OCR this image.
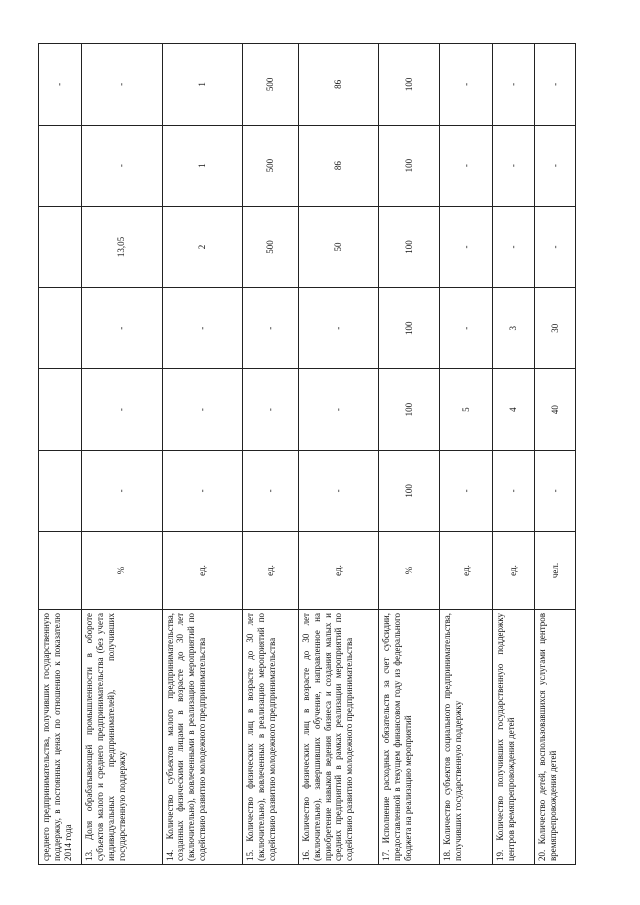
среднего предпринимательства, получивших государственную поддержку, в постоянных ценах по отношению к показателю 2014 года							-
13. Доля обрабатывающей промышленности в обороте субъектов малого и среднего предпринимательства (без учета индивидуальных предпринимателей), получивших государственную поддержку	%	-	-	-	13,05	-	-
14. Количество субъектов малого предпринимательства, созданных физическими лицами в возрасте до 30 лет (включительно), вовлеченными в реализацию мероприятий по содействию развитию молодежного предпринимательства	ед.	-	-	-	2	1	1
15. Количество физических лиц в возрасте до 30 лет (включительно), вовлеченных в реализацию мероприятий по содействию развитию молодежного предпринимательства	ед.	-	-	-	500	500	500
16. Количество физических лиц в возрасте до 30 лет (включительно), завершивших обучение, направленное на приобретение навыков ведения бизнеса и создания малых и средних предприятий в рамках реализации мероприятий по содействию развитию молодежного предпринимательства	ед.	-	-	-	50	86	86
17. Исполнение расходных обязательств за счет субсидии, предоставленной в текущем финансовом году из федерального бюджета на реализацию мероприятий	%	100	100	100	100	100	100
18. Количество субъектов социального предпринимательства, получивших государственную поддержку	ед.	-	5	-	-	-	-
19. Количество получивших государственную поддержку центров времяпрепровождения детей	ед.	-	4	3	-	-	-
20. Количество детей, воспользовавшихся услугами центров времяпрепровождения детей	чел.	-	40	30	-	-	-
